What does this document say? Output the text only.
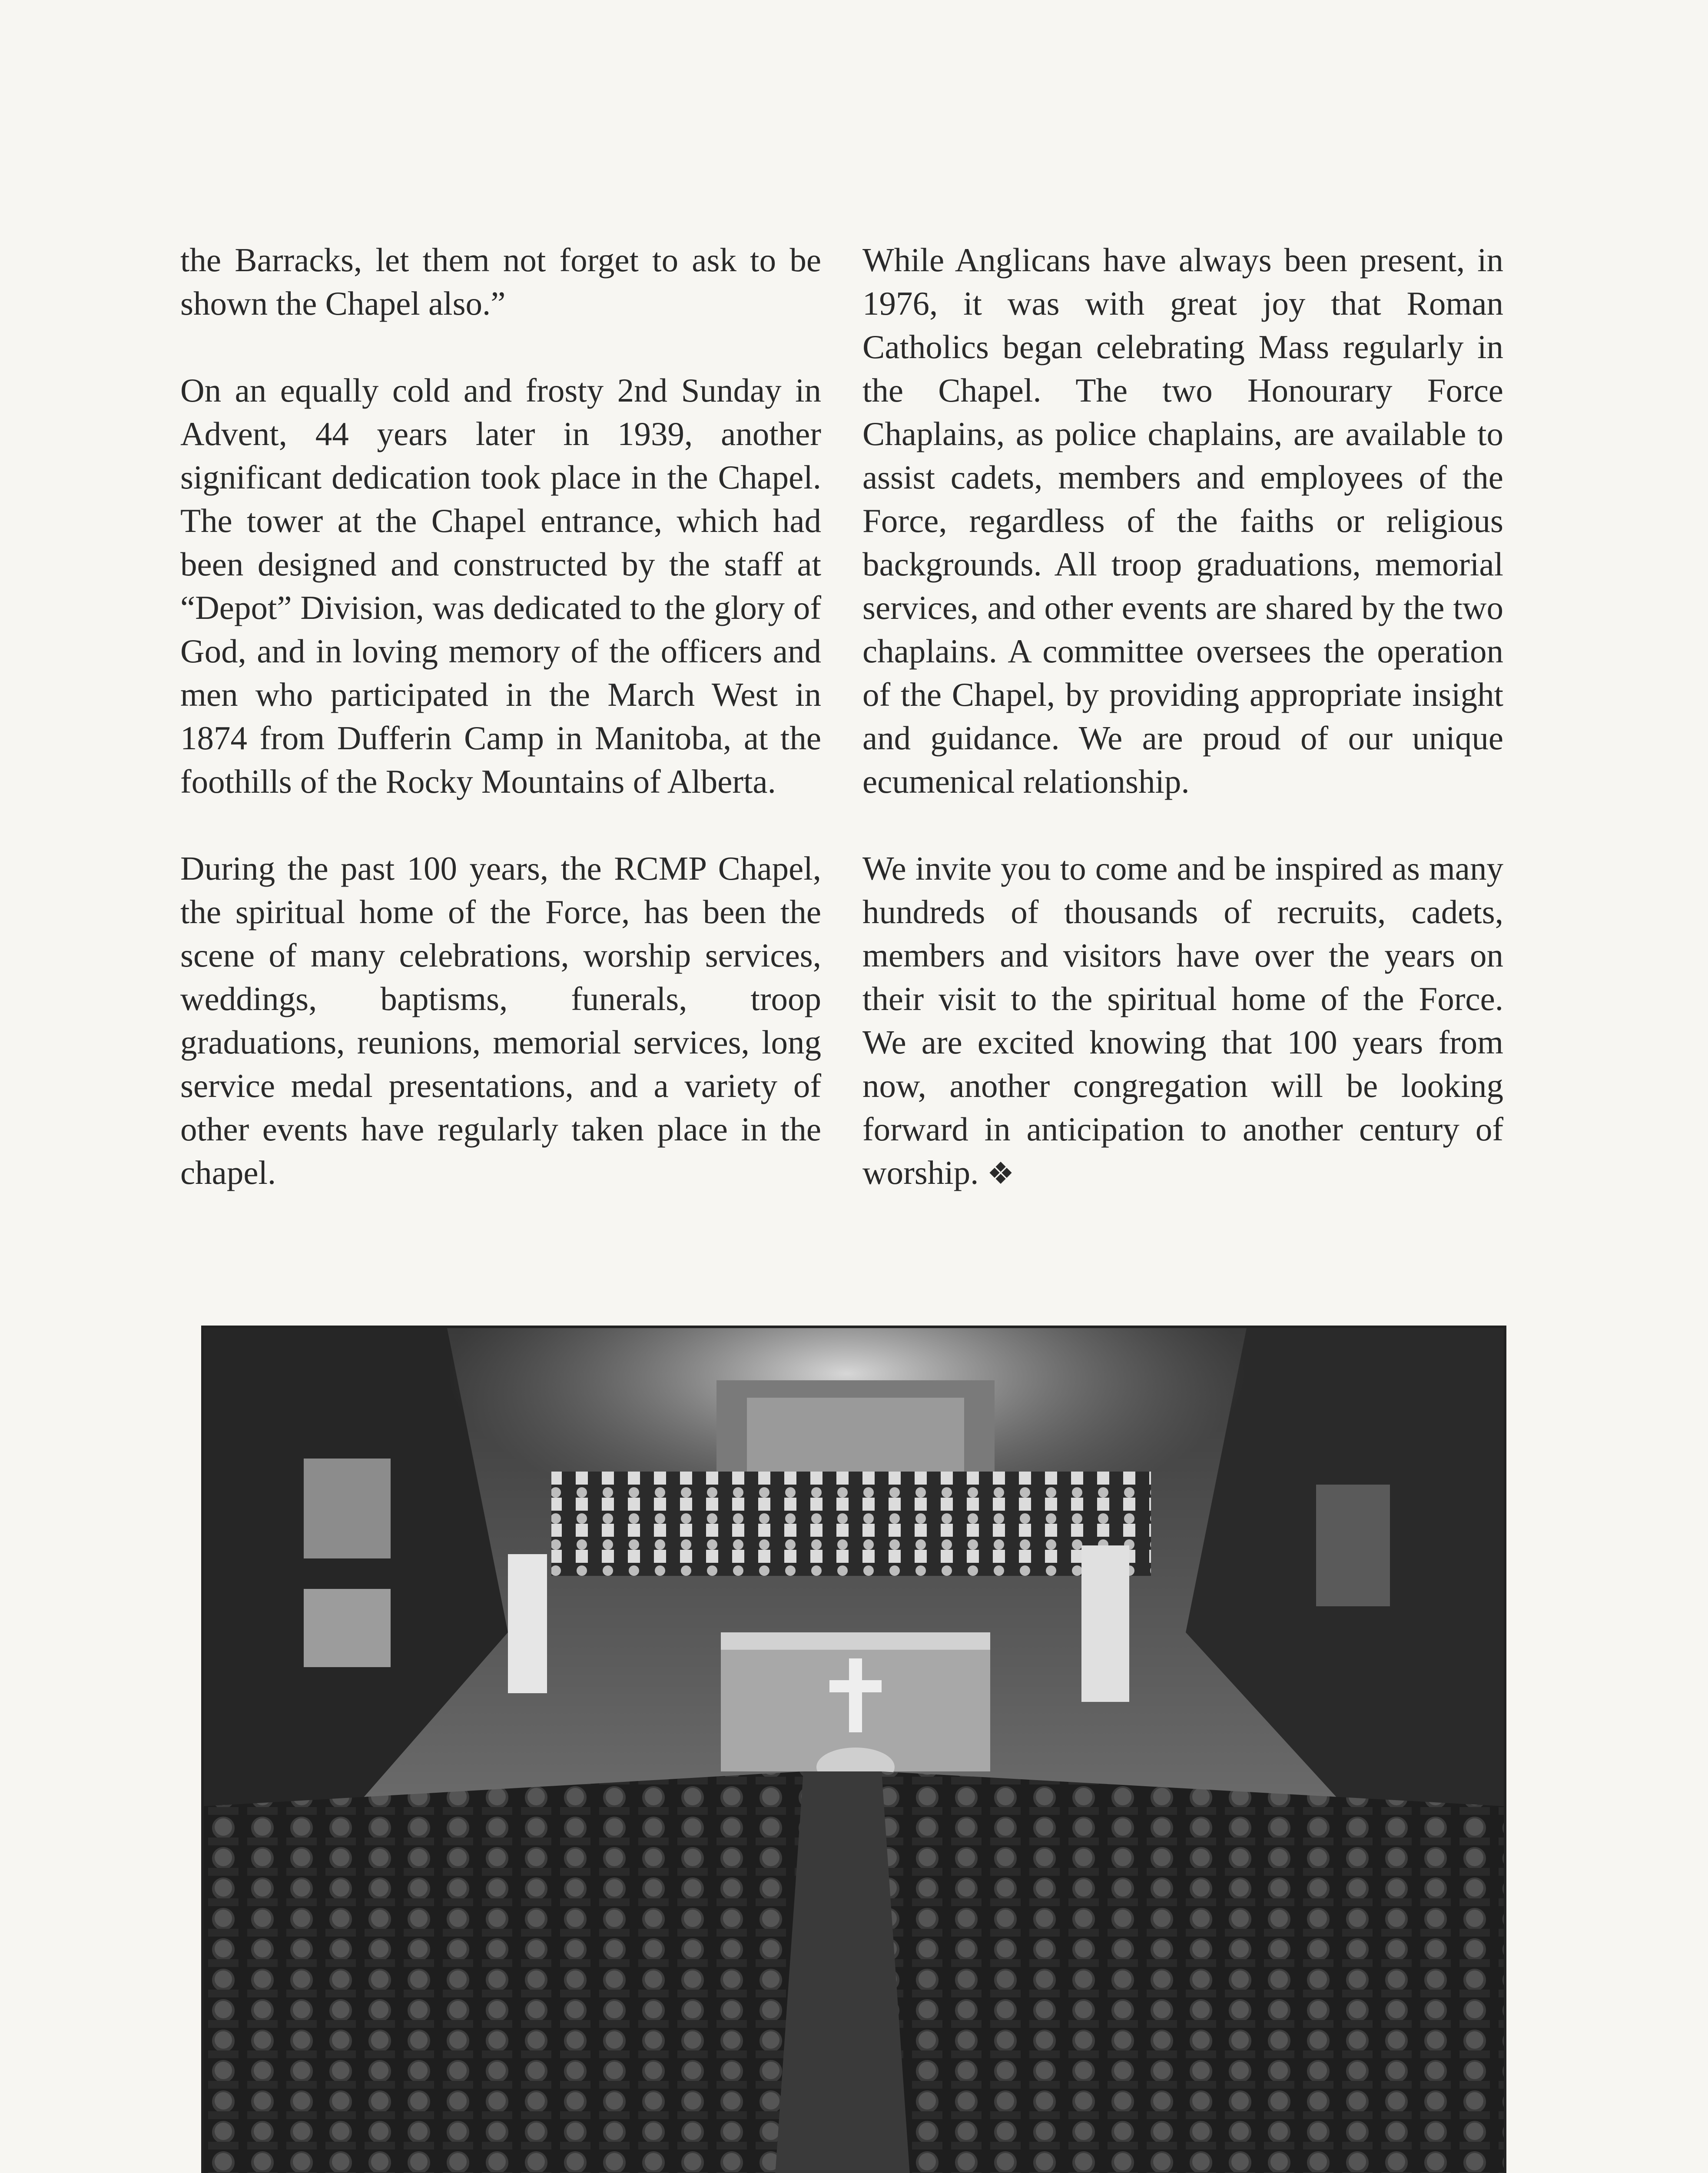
the Barracks, let them not forget to ask to be shown the Chapel also.”

On an equally cold and frosty 2nd Sunday in Advent, 44 years later in 1939, another significant dedication took place in the Chapel. The tower at the Chapel entrance, which had been designed and constructed by the staff at “Depot” Division, was dedicated to the glory of God, and in loving memory of the officers and men who participated in the March West in 1874 from Dufferin Camp in Manitoba, at the foothills of the Rocky Mountains of Alberta.

During the past 100 years, the RCMP Chapel, the spiritual home of the Force, has been the scene of many celebrations, worship services, weddings, baptisms, funerals, troop graduations, reunions, memorial services, long service medal presentations, and a variety of other events have regularly taken place in the chapel.

While Anglicans have always been present, in 1976, it was with great joy that Roman Catholics began celebrating Mass regularly in the Chapel. The two Honourary Force Chaplains, as police chaplains, are available to assist cadets, members and employees of the Force, regardless of the faiths or religious backgrounds. All troop graduations, memorial services, and other events are shared by the two chaplains. A committee oversees the operation of the Chapel, by providing appropriate insight and guidance. We are proud of our unique ecumenical relationship.

We invite you to come and be inspired as many hundreds of thousands of recruits, cadets, members and visitors have over the years on their visit to the spiritual home of the Force. We are excited knowing that 100 years from now, another congregation will be looking forward in anticipation to another century of worship. ❖
